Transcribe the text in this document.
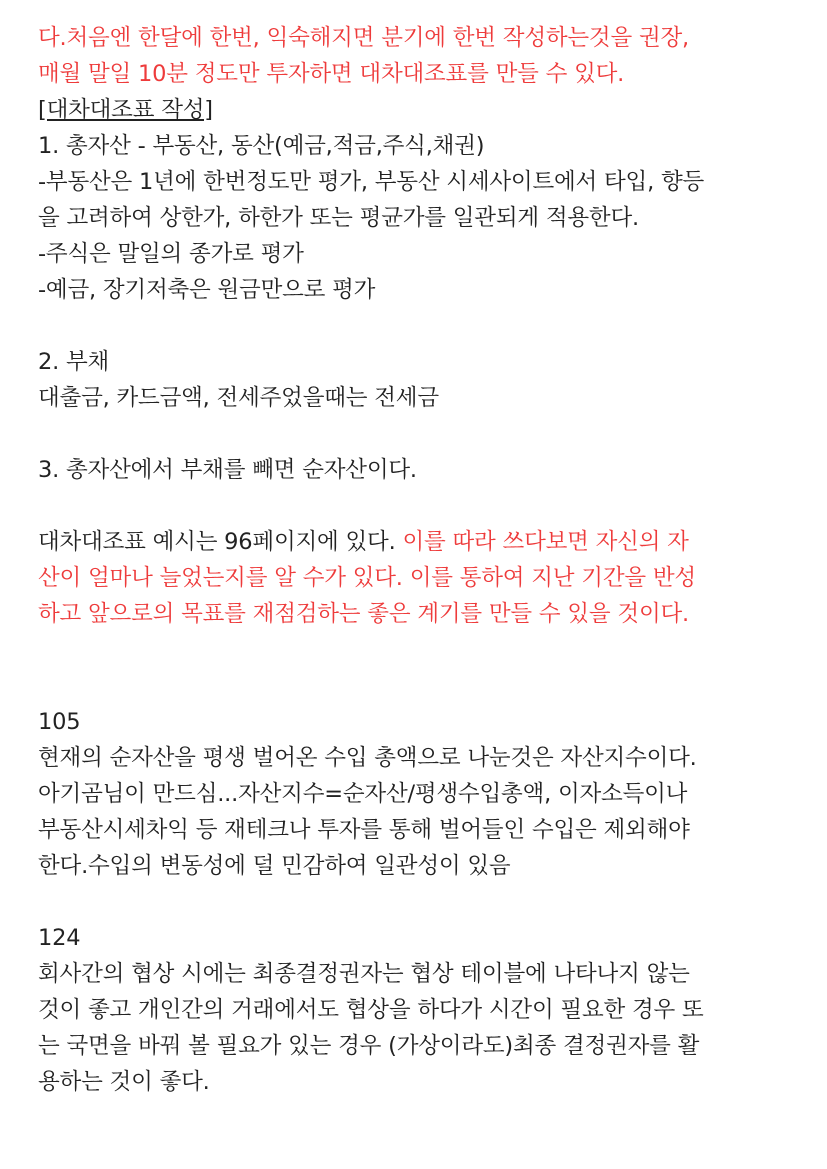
다.처음엔 한달에 한번, 익숙해지면 분기에 한번 작성하는것을 권장,
매월 말일 10분 정도만 투자하면 대차대조표를 만들 수 있다.
[대차대조표 작성]
1. 총자산 - 부동산, 동산(예금,적금,주식,채권)
-부동산은 1년에 한번정도만 평가, 부동산 시세사이트에서 타입, 향등
을 고려하여 상한가, 하한가 또는 평균가를 일관되게 적용한다.
-주식은 말일의 종가로 평가
-예금, 장기저축은 원금만으로 평가
2. 부채
대출금, 카드금액, 전세주었을때는 전세금
3. 총자산에서 부채를 빼면 순자산이다.
대차대조표 예시는 96페이지에 있다. 이를 따라 쓰다보면 자신의 자
산이 얼마나 늘었는지를 알 수가 있다. 이를 통하여 지난 기간을 반성
하고 앞으로의 목표를 재점검하는 좋은 계기를 만들 수 있을 것이다.
105
현재의 순자산을 평생 벌어온 수입 총액으로 나눈것은 자산지수이다.
아기곰님이 만드심...자산지수=순자산/평생수입총액, 이자소득이나
부동산시세차익 등 재테크나 투자를 통해 벌어들인 수입은 제외해야
한다.수입의 변동성에 덜 민감하여 일관성이 있음
124
회사간의 협상 시에는 최종결정권자는 협상 테이블에 나타나지 않는
것이 좋고 개인간의 거래에서도 협상을 하다가 시간이 필요한 경우 또
는 국면을 바꿔 볼 필요가 있는 경우 (가상이라도)최종 결정권자를 활
용하는 것이 좋다.
